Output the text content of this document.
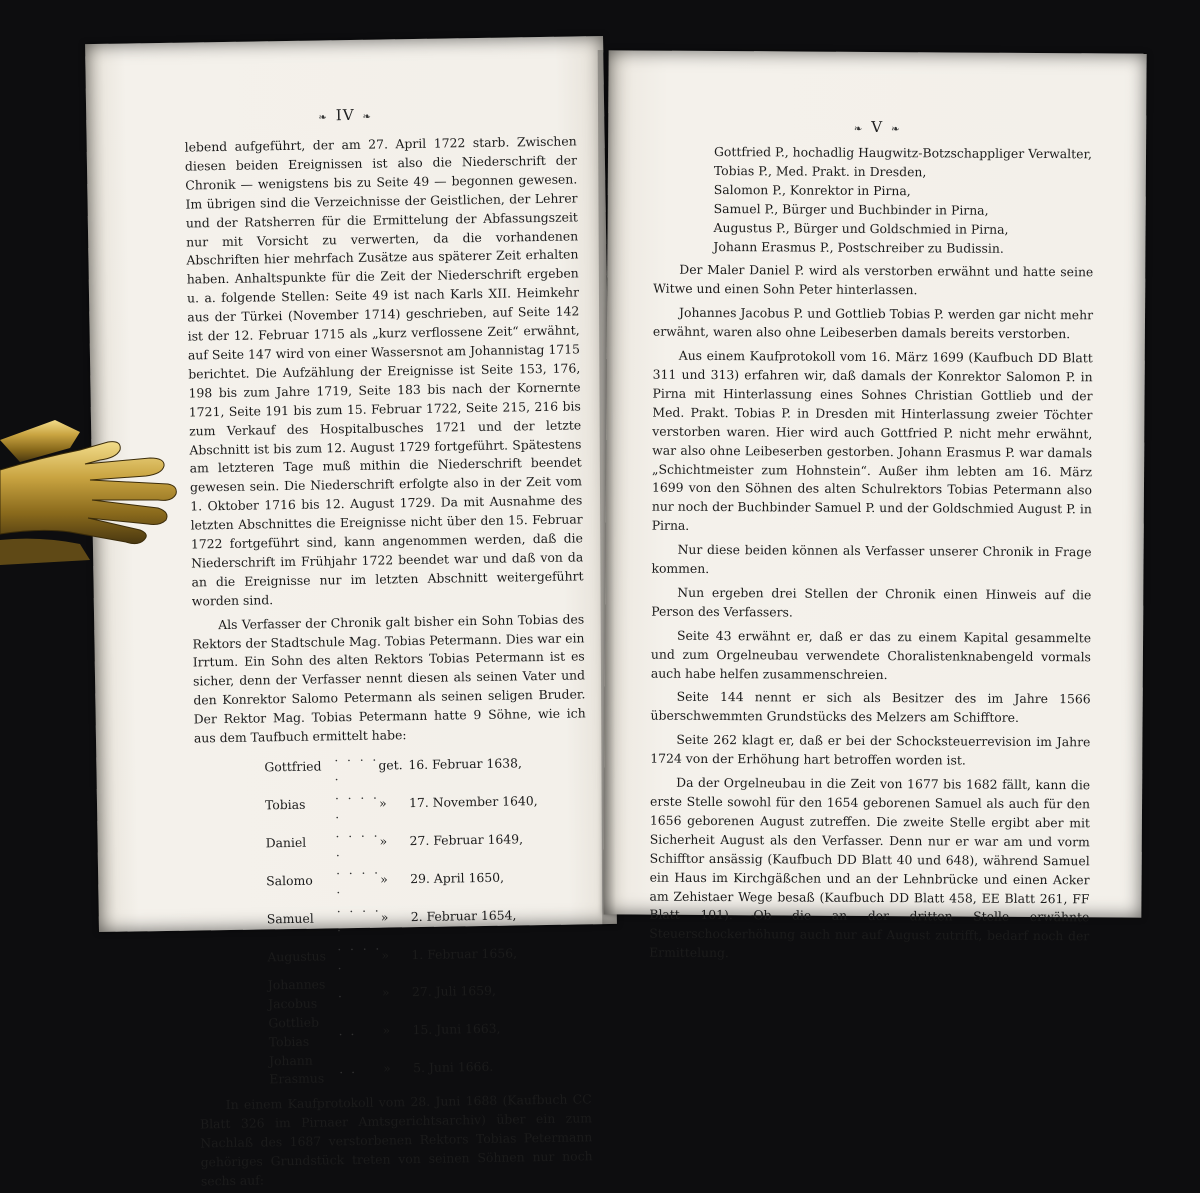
❧ IV ❧

lebend aufgeführt, der am 27. April 1722 starb. Zwischen diesen beiden Ereignissen ist also die Niederschrift der Chronik — wenigstens bis zu Seite 49 — begonnen gewesen. Im übrigen sind die Verzeichnisse der Geistlichen, der Lehrer und der Ratsherren für die Ermittelung der Abfassungszeit nur mit Vorsicht zu verwerten, da die vorhandenen Abschriften hier mehrfach Zusätze aus späterer Zeit erhalten haben. Anhaltspunkte für die Zeit der Niederschrift ergeben u. a. folgende Stellen: Seite 49 ist nach Karls XII. Heimkehr aus der Türkei (November 1714) geschrieben, auf Seite 142 ist der 12. Februar 1715 als „kurz verflossene Zeit“ erwähnt, auf Seite 147 wird von einer Wassersnot am Johannistag 1715 berichtet. Die Aufzählung der Ereignisse ist Seite 153, 176, 198 bis zum Jahre 1719, Seite 183 bis nach der Kornernte 1721, Seite 191 bis zum 15. Februar 1722, Seite 215, 216 bis zum Verkauf des Hospitalbusches 1721 und der letzte Abschnitt ist bis zum 12. August 1729 fortgeführt. Spätestens am letzteren Tage muß mithin die Niederschrift beendet gewesen sein. Die Niederschrift erfolgte also in der Zeit vom 1. Oktober 1716 bis 12. August 1729. Da mit Ausnahme des letzten Abschnittes die Ereignisse nicht über den 15. Februar 1722 fortgeführt sind, kann angenommen werden, daß die Niederschrift im Frühjahr 1722 beendet war und daß von da an die Ereignisse nur im letzten Abschnitt weitergeführt worden sind.

Als Verfasser der Chronik galt bisher ein Sohn Tobias des Rektors der Stadtschule Mag. Tobias Petermann. Dies war ein Irrtum. Ein Sohn des alten Rektors Tobias Petermann ist es sicher, denn der Verfasser nennt diesen als seinen Vater und den Konrektor Salomo Petermann als seinen seligen Bruder. Der Rektor Mag. Tobias Petermann hatte 9 Söhne, wie ich aus dem Taufbuch ermittelt habe:

Gottfried	. . . . .	get.	16. Februar 1638,
Tobias	. . . . .	»	17. November 1640,
Daniel	. . . . .	»	27. Februar 1649,
Salomo	. . . . .	»	29. April 1650,
Samuel	. . . . .	»	2. Februar 1654,
Augustus	. . . . .	»	1. Februar 1656,
Johannes Jacobus	.	»	27. Juli 1659,
Gottlieb Tobias	. .	»	15. Juni 1663,
Johann Erasmus	. .	»	5. Juni 1666.

In einem Kaufprotokoll vom 28. Juni 1688 (Kaufbuch CC Blatt 326 im Pirnaer Amtsgerichtsarchiv) über ein zum Nachlaß des 1687 verstorbenen Rektors Tobias Petermann gehöriges Grundstück treten von seinen Söhnen nur noch sechs auf:

❧ V ❧
Gottfried P., hochadlig Haugwitz-Botzschappliger Verwalter,
Tobias P., Med. Prakt. in Dresden,
Salomon P., Konrektor in Pirna,
Samuel P., Bürger und Buchbinder in Pirna,
Augustus P., Bürger und Goldschmied in Pirna,
Johann Erasmus P., Postschreiber zu Budissin.

Der Maler Daniel P. wird als verstorben erwähnt und hatte seine Witwe und einen Sohn Peter hinterlassen.

Johannes Jacobus P. und Gottlieb Tobias P. werden gar nicht mehr erwähnt, waren also ohne Leibeserben damals bereits verstorben.

Aus einem Kaufprotokoll vom 16. März 1699 (Kaufbuch DD Blatt 311 und 313) erfahren wir, daß damals der Konrektor Salomon P. in Pirna mit Hinterlassung eines Sohnes Christian Gottlieb und der Med. Prakt. Tobias P. in Dresden mit Hinterlassung zweier Töchter verstorben waren. Hier wird auch Gottfried P. nicht mehr erwähnt, war also ohne Leibeserben gestorben. Johann Erasmus P. war damals „Schichtmeister zum Hohnstein“. Außer ihm lebten am 16. März 1699 von den Söhnen des alten Schulrektors Tobias Petermann also nur noch der Buchbinder Samuel P. und der Goldschmied August P. in Pirna.

Nur diese beiden können als Verfasser unserer Chronik in Frage kommen.

Nun ergeben drei Stellen der Chronik einen Hinweis auf die Person des Verfassers.

Seite 43 erwähnt er, daß er das zu einem Kapital gesammelte und zum Orgelneubau verwendete Choralistenknabengeld vormals auch habe helfen zusammenschreien.

Seite 144 nennt er sich als Besitzer des im Jahre 1566 überschwemmten Grundstücks des Melzers am Schifftore.

Seite 262 klagt er, daß er bei der Schocksteuerrevision im Jahre 1724 von der Erhöhung hart betroffen worden ist.

Da der Orgelneubau in die Zeit von 1677 bis 1682 fällt, kann die erste Stelle sowohl für den 1654 geborenen Samuel als auch für den 1656 geborenen August zutreffen. Die zweite Stelle ergibt aber mit Sicherheit August als den Verfasser. Denn nur er war am und vorm Schifftor ansässig (Kaufbuch DD Blatt 40 und 648), während Samuel ein Haus im Kirchgäßchen und an der Lehnbrücke und einen Acker am Zehistaer Wege besaß (Kaufbuch DD Blatt 458, EE Blatt 261, FF Blatt 101). Ob die an der dritten Stelle erwähnte Steuerschockerhöhung auch nur auf August zutrifft, bedarf noch der Ermittelung.
